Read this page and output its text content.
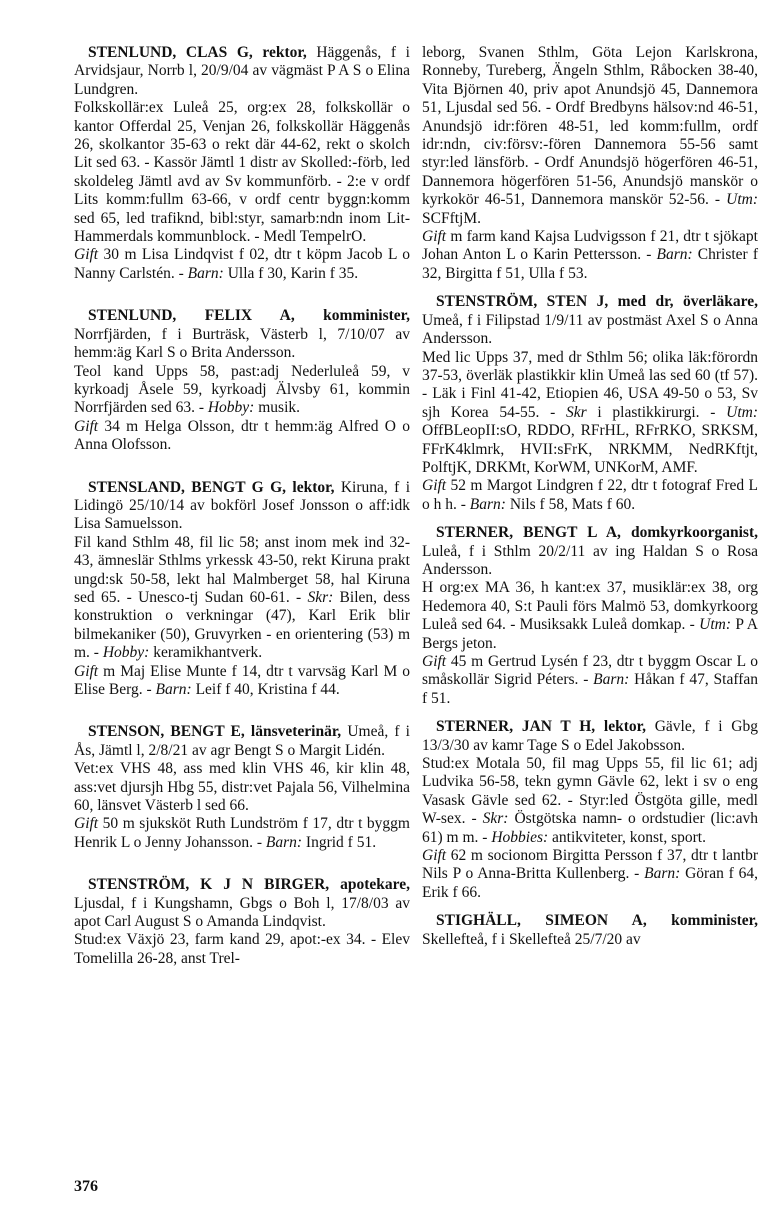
STENLUND, CLAS G, rektor, Häggenås, f i Arvidsjaur, Norrb l, 20/9/04 av vägmäst P A S o Elina Lundgren.

Folkskollär:ex Luleå 25, org:ex 28, folkskollär o kantor Offerdal 25, Venjan 26, folkskollär Häggenås 26, skolkantor 35-63 o rekt där 44-62, rekt o skolch Lit sed 63. - Kassör Jämtl 1 distr av Skolled:-förb, led skoldeleg Jämtl avd av Sv kommunförb. - 2:e v ordf Lits komm:fullm 63-66, v ordf centr byggn:komm sed 65, led trafiknd, bibl:styr, samarb:ndn inom Lit-Hammerdals kommunblock. - Medl TempelrO.

Gift 30 m Lisa Lindqvist f 02, dtr t köpm Jacob L o Nanny Carlstén. - Barn: Ulla f 30, Karin f 35.

STENLUND, FELIX A, komminister, Norrfjärden, f i Burträsk, Västerb l, 7/10/07 av hemm:äg Karl S o Brita Andersson.

Teol kand Upps 58, past:adj Nederluleå 59, v kyrkoadj Åsele 59, kyrkoadj Älvsby 61, kommin Norrfjärden sed 63. - Hobby: musik.

Gift 34 m Helga Olsson, dtr t hemm:äg Alfred O o Anna Olofsson.

STENSLAND, BENGT G G, lektor, Kiruna, f i Lidingö 25/10/14 av bokförl Josef Jonsson o aff:idk Lisa Samuelsson.

Fil kand Sthlm 48, fil lic 58; anst inom mek ind 32-43, ämneslär Sthlms yrkessk 43-50, rekt Kiruna prakt ungd:sk 50-58, lekt hal Malmberget 58, hal Kiruna sed 65. - Unesco-tj Sudan 60-61. - Skr: Bilen, dess konstruktion o verkningar (47), Karl Erik blir bilmekaniker (50), Gruvyrken - en orientering (53) m m. - Hobby: keramikhantverk.

Gift m Maj Elise Munte f 14, dtr t varvsäg Karl M o Elise Berg. - Barn: Leif f 40, Kristina f 44.

STENSON, BENGT E, länsveterinär, Umeå, f i Ås, Jämtl l, 2/8/21 av agr Bengt S o Margit Lidén.

Vet:ex VHS 48, ass med klin VHS 46, kir klin 48, ass:vet djursjh Hbg 55, distr:vet Pajala 56, Vilhelmina 60, länsvet Västerb l sed 66.

Gift 50 m sjuksköt Ruth Lundström f 17, dtr t byggm Henrik L o Jenny Johansson. - Barn: Ingrid f 51.

STENSTRÖM, K J N BIRGER, apotekare, Ljusdal, f i Kungshamn, Gbgs o Boh l, 17/8/03 av apot Carl August S o Amanda Lindqvist.

Stud:ex Växjö 23, farm kand 29, apot:-ex 34. - Elev Tomelilla 26-28, anst Trel-

leborg, Svanen Sthlm, Göta Lejon Karlskrona, Ronneby, Tureberg, Ängeln Sthlm, Råbocken 38-40, Vita Björnen 40, priv apot Anundsjö 45, Dannemora 51, Ljusdal sed 56. - Ordf Bredbyns hälsov:nd 46-51, Anundsjö idr:fören 48-51, led komm:fullm, ordf idr:ndn, civ:försv:-fören Dannemora 55-56 samt styr:led länsförb. - Ordf Anundsjö högerfören 46-51, Dannemora högerfören 51-56, Anundsjö manskör o kyrkokör 46-51, Dannemora manskör 52-56. - Utm: SCFftjM.

Gift m farm kand Kajsa Ludvigsson f 21, dtr t sjökapt Johan Anton L o Karin Pettersson. - Barn: Christer f 32, Birgitta f 51, Ulla f 53.

STENSTRÖM, STEN J, med dr, överläkare, Umeå, f i Filipstad 1/9/11 av postmäst Axel S o Anna Andersson.

Med lic Upps 37, med dr Sthlm 56; olika läk:förordn 37-53, överläk plastikkir klin Umeå las sed 60 (tf 57). - Läk i Finl 41-42, Etiopien 46, USA 49-50 o 53, Sv sjh Korea 54-55. - Skr i plastikkirurgi. - Utm: OffBLeopII:sO, RDDO, RFrHL, RFrRKO, SRKSM, FFrK4klmrk, HVII:sFrK, NRKMM, NedRKftjt, PolftjK, DRKMt, KorWM, UNKorM, AMF.

Gift 52 m Margot Lindgren f 22, dtr t fotograf Fred L o h h. - Barn: Nils f 58, Mats f 60.

STERNER, BENGT L A, domkyrkoorganist, Luleå, f i Sthlm 20/2/11 av ing Haldan S o Rosa Andersson.

H org:ex MA 36, h kant:ex 37, musiklär:ex 38, org Hedemora 40, S:t Pauli förs Malmö 53, domkyrkoorg Luleå sed 64. - Musiksakk Luleå domkap. - Utm: P A Bergs jeton.

Gift 45 m Gertrud Lysén f 23, dtr t byggm Oscar L o småskollär Sigrid Péters. - Barn: Håkan f 47, Staffan f 51.

STERNER, JAN T H, lektor, Gävle, f i Gbg 13/3/30 av kamr Tage S o Edel Jakobsson.

Stud:ex Motala 50, fil mag Upps 55, fil lic 61; adj Ludvika 56-58, tekn gymn Gävle 62, lekt i sv o eng Vasask Gävle sed 62. - Styr:led Östgöta gille, medl W-sex. - Skr: Östgötska namn- o ordstudier (lic:avh 61) m m. - Hobbies: antikviteter, konst, sport.

Gift 62 m socionom Birgitta Persson f 37, dtr t lantbr Nils P o Anna-Britta Kullenberg. - Barn: Göran f 64, Erik f 66.

STIGHÄLL, SIMEON A, komminister, Skellefteå, f i Skellefteå 25/7/20 av

376
